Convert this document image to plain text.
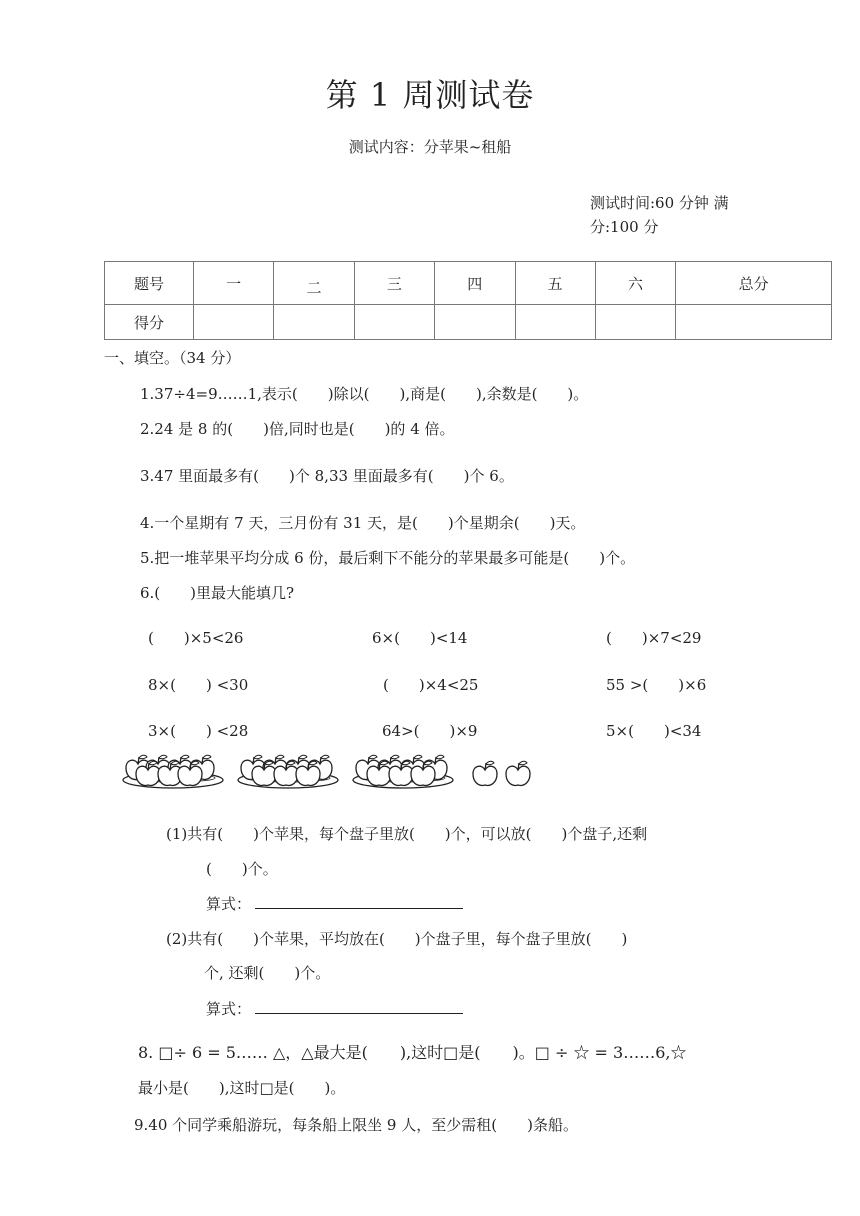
第 1 周测试卷
测试内容：分苹果~租船
测试时间:60 分钟 满
分:100 分
题号	一	二	三	四	五	六	总分
得分							
一、填空。（34 分）
1.37÷4=9……1,表示(　　)除以(　　),商是(　　),余数是(　　)。
2.24 是 8 的(　　)倍,同时也是(　　)的 4 倍。
3.47 里面最多有(　　)个 8,33 里面最多有(　　)个 6。
4.一个星期有 7 天，三月份有 31 天，是(　　)个星期余(　　)天。
5.把一堆苹果平均分成 6 份，最后剩下不能分的苹果最多可能是(　　)个。
6.(　　)里最大能填几?
(　　)×5<26	6×(　　)<14	(　　)×7<29
8×(　　) <30	(　　)×4<25	55 >(　　)×6
3×(　　) <28	64>(　　)×9	5×(　　)<34
(1)共有(　　)个苹果，每个盘子里放(　　)个，可以放(　　)个盘子,还剩
(　　)个。
算式：
(2)共有(　　)个苹果，平均放在(　　)个盘子里，每个盘子里放(　　)
个, 还剩(　　)个。
算式：
8. □÷ 6 = 5…… △，△最大是(　　),这时□是(　　)。□ ÷ ☆ = 3……6,☆
最小是(　　),这时□是(　　)。
9.40 个同学乘船游玩，每条船上限坐 9 人，至少需租(　　)条船。
